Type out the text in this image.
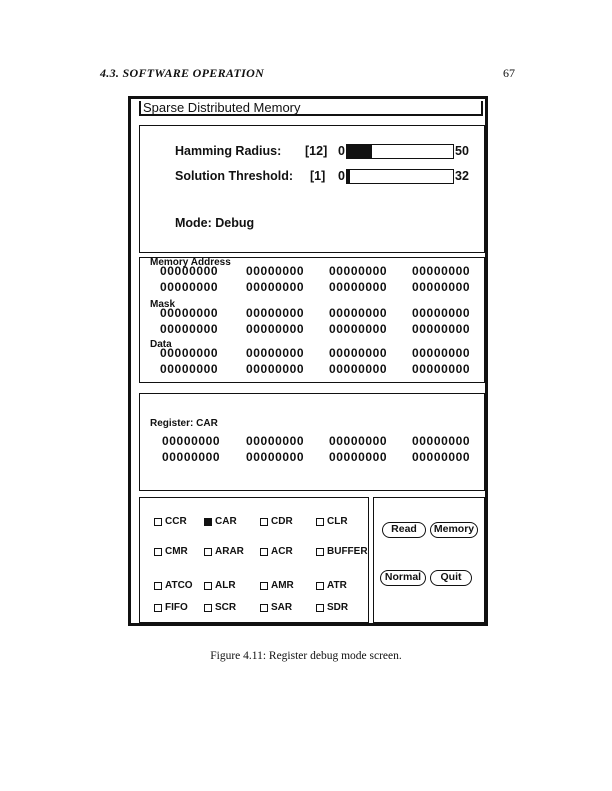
4.3. SOFTWARE OPERATION	67
Sparse Distributed Memory
Hamming Radius: [12] 0	50
Solution Threshold: [1] 0	32
Mode: Debug
Memory Address
00000000 00000000 00000000 00000000
00000000 00000000 00000000 00000000
Mask
00000000 00000000 00000000 00000000
00000000 00000000 00000000 00000000
Data
00000000 00000000 00000000 00000000
00000000 00000000 00000000 00000000
Register: CAR
00000000 00000000 00000000 00000000
00000000 00000000 00000000 00000000
CCR	CAR	CDR	CLR
CMR	ARAR	ACR	BUFFER
ATCO ALR	AMR	ATR
FIFO	SCR	SAR	SDR
Read	Memory
Normal	Quit
Figure 4.11: Register debug mode screen.
